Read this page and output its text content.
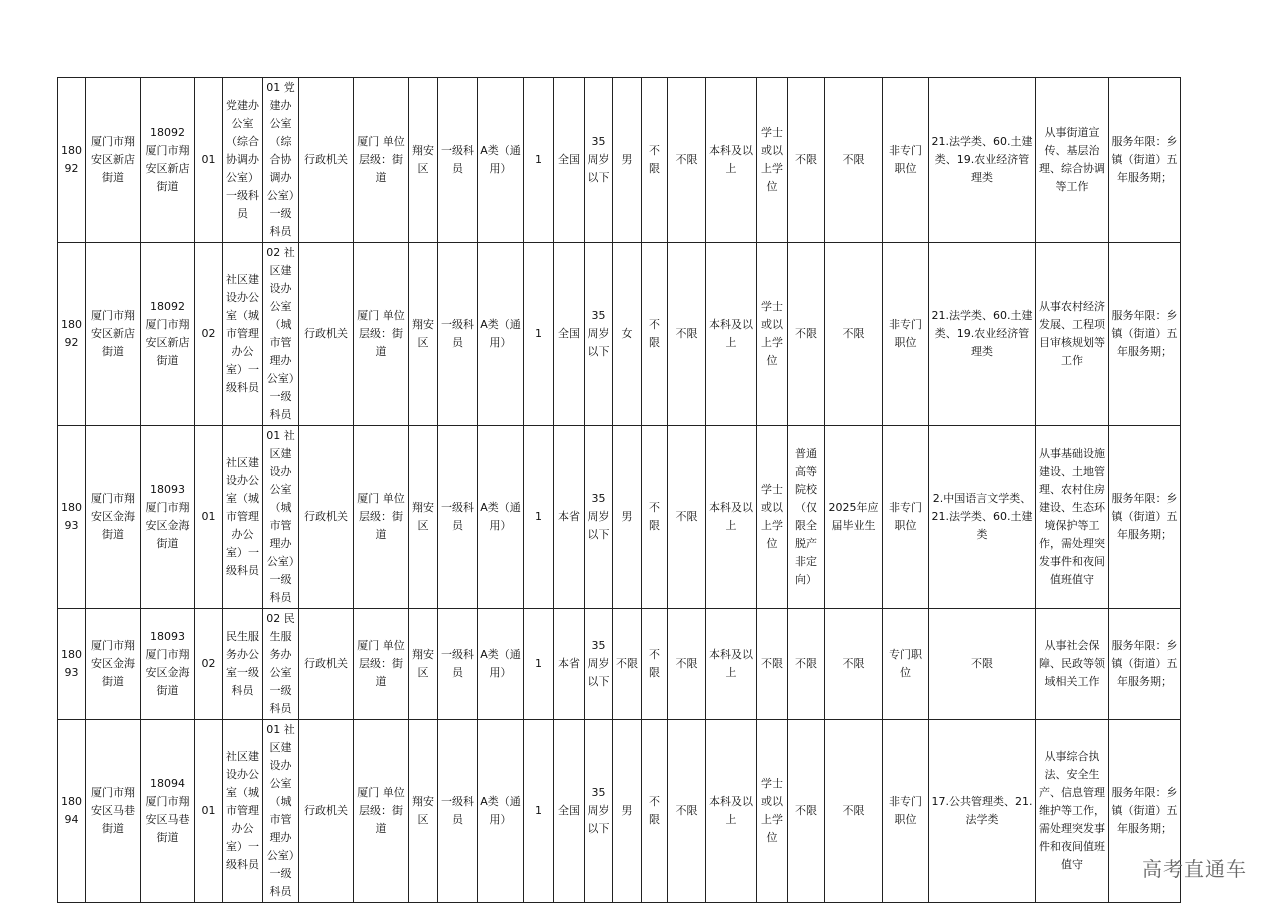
18092	厦门市翔安区新店街道	18092 厦门市翔安区新店街道	01	党建办公室（综合协调办公室）一级科员	01 党建办公室（综合协调办公室）一级科员	行政机关	厦门 单位层级：街道	翔安区	一级科员	A类（通用）	1	全国	35周岁以下	男	不限	不限	本科及以上	学士或以上学位	不限	不限	非专门职位	21.法学类、60.土建类、19.农业经济管理类	从事街道宣传、基层治理、综合协调等工作	服务年限：乡镇（街道）五年服务期；
18092	厦门市翔安区新店街道	18092 厦门市翔安区新店街道	02	社区建设办公室（城市管理办公室）一级科员	02 社区建设办公室（城市管理办公室）一级科员	行政机关	厦门 单位层级：街道	翔安区	一级科员	A类（通用）	1	全国	35周岁以下	女	不限	不限	本科及以上	学士或以上学位	不限	不限	非专门职位	21.法学类、60.土建类、19.农业经济管理类	从事农村经济发展、工程项目审核规划等工作	服务年限：乡镇（街道）五年服务期；
18093	厦门市翔安区金海街道	18093 厦门市翔安区金海街道	01	社区建设办公室（城市管理办公室）一级科员	01 社区建设办公室（城市管理办公室）一级科员	行政机关	厦门 单位层级：街道	翔安区	一级科员	A类（通用）	1	本省	35周岁以下	男	不限	不限	本科及以上	学士或以上学位	普通高等院校（仅限全脱产非定向）	2025年应届毕业生	非专门职位	2.中国语言文学类、21.法学类、60.土建类	从事基础设施建设、土地管理、农村住房建设、生态环境保护等工作，需处理突发事件和夜间值班值守	服务年限：乡镇（街道）五年服务期；
18093	厦门市翔安区金海街道	18093 厦门市翔安区金海街道	02	民生服务办公室一级科员	02 民生服务办公室一级科员	行政机关	厦门 单位层级：街道	翔安区	一级科员	A类（通用）	1	本省	35周岁以下	不限	不限	不限	本科及以上	不限	不限	不限	专门职位	不限	从事社会保障、民政等领域相关工作	服务年限：乡镇（街道）五年服务期；
18094	厦门市翔安区马巷街道	18094 厦门市翔安区马巷街道	01	社区建设办公室（城市管理办公室）一级科员	01 社区建设办公室（城市管理办公室）一级科员	行政机关	厦门 单位层级：街道	翔安区	一级科员	A类（通用）	1	全国	35周岁以下	男	不限	不限	本科及以上	学士或以上学位	不限	不限	非专门职位	17.公共管理类、21.法学类	从事综合执法、安全生产、信息管理维护等工作，需处理突发事件和夜间值班值守	服务年限：乡镇（街道）五年服务期；
高考直通车
